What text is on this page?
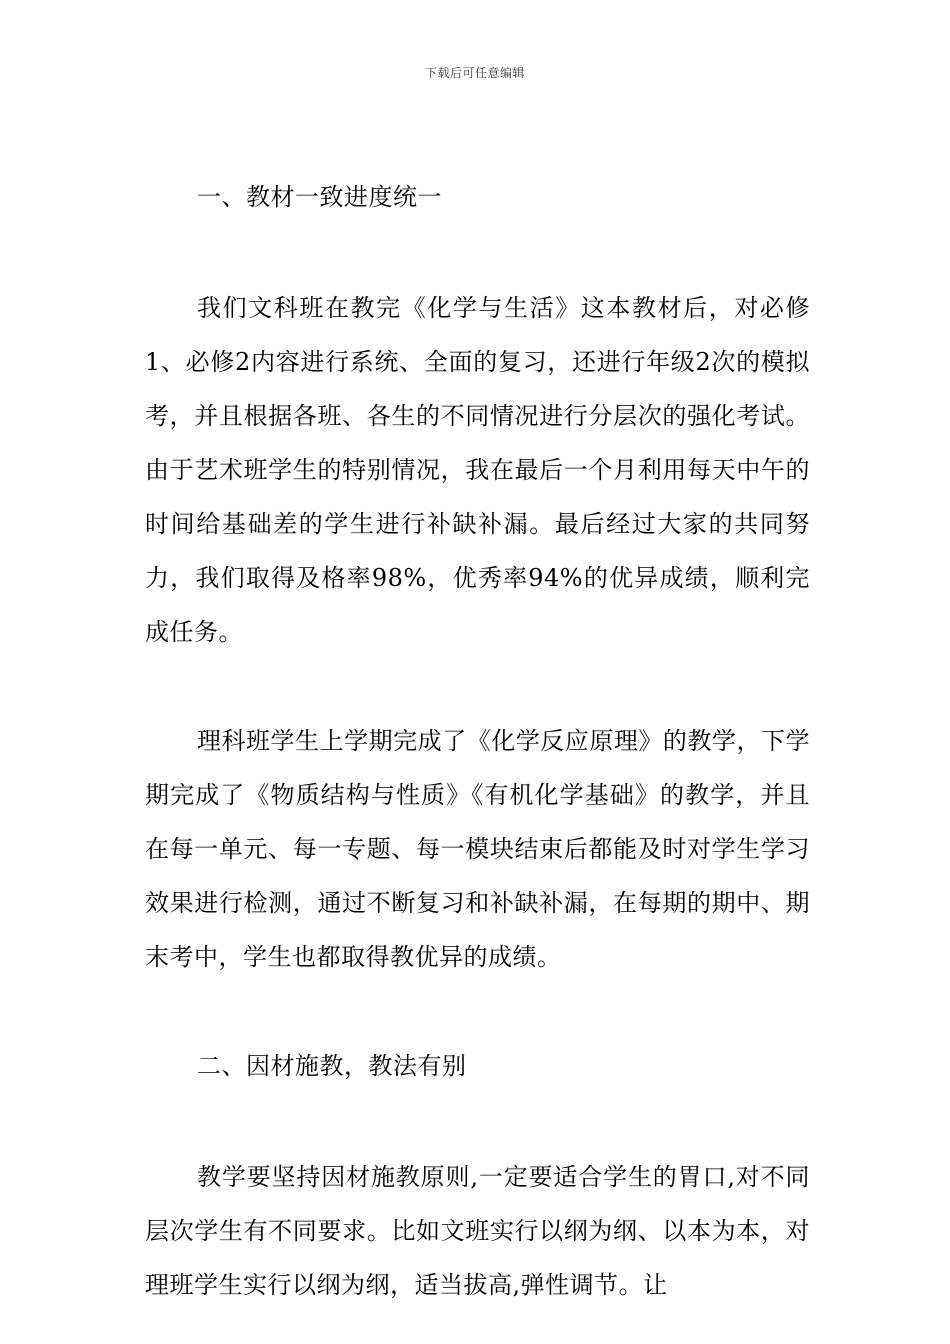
下载后可任意编辑

一、教材一致进度统一

我们文科班在教完《化学与生活》这本教材后，对必修1、必修2内容进行系统、全面的复习，还进行年级2次的模拟考，并且根据各班、各生的不同情况进行分层次的强化考试。由于艺术班学生的特别情况，我在最后一个月利用每天中午的时间给基础差的学生进行补缺补漏。最后经过大家的共同努力，我们取得及格率98%，优秀率94%的优异成绩，顺利完成任务。

理科班学生上学期完成了《化学反应原理》的教学，下学期完成了《物质结构与性质》《有机化学基础》的教学，并且在每一单元、每一专题、每一模块结束后都能及时对学生学习效果进行检测，通过不断复习和补缺补漏，在每期的期中、期末考中，学生也都取得教优异的成绩。

二、因材施教，教法有别

教学要坚持因材施教原则,一定要适合学生的胃口,对不同层次学生有不同要求。比如文班实行以纲为纲、以本为本，对理班学生实行以纲为纲，适当拔高,弹性调节。让
